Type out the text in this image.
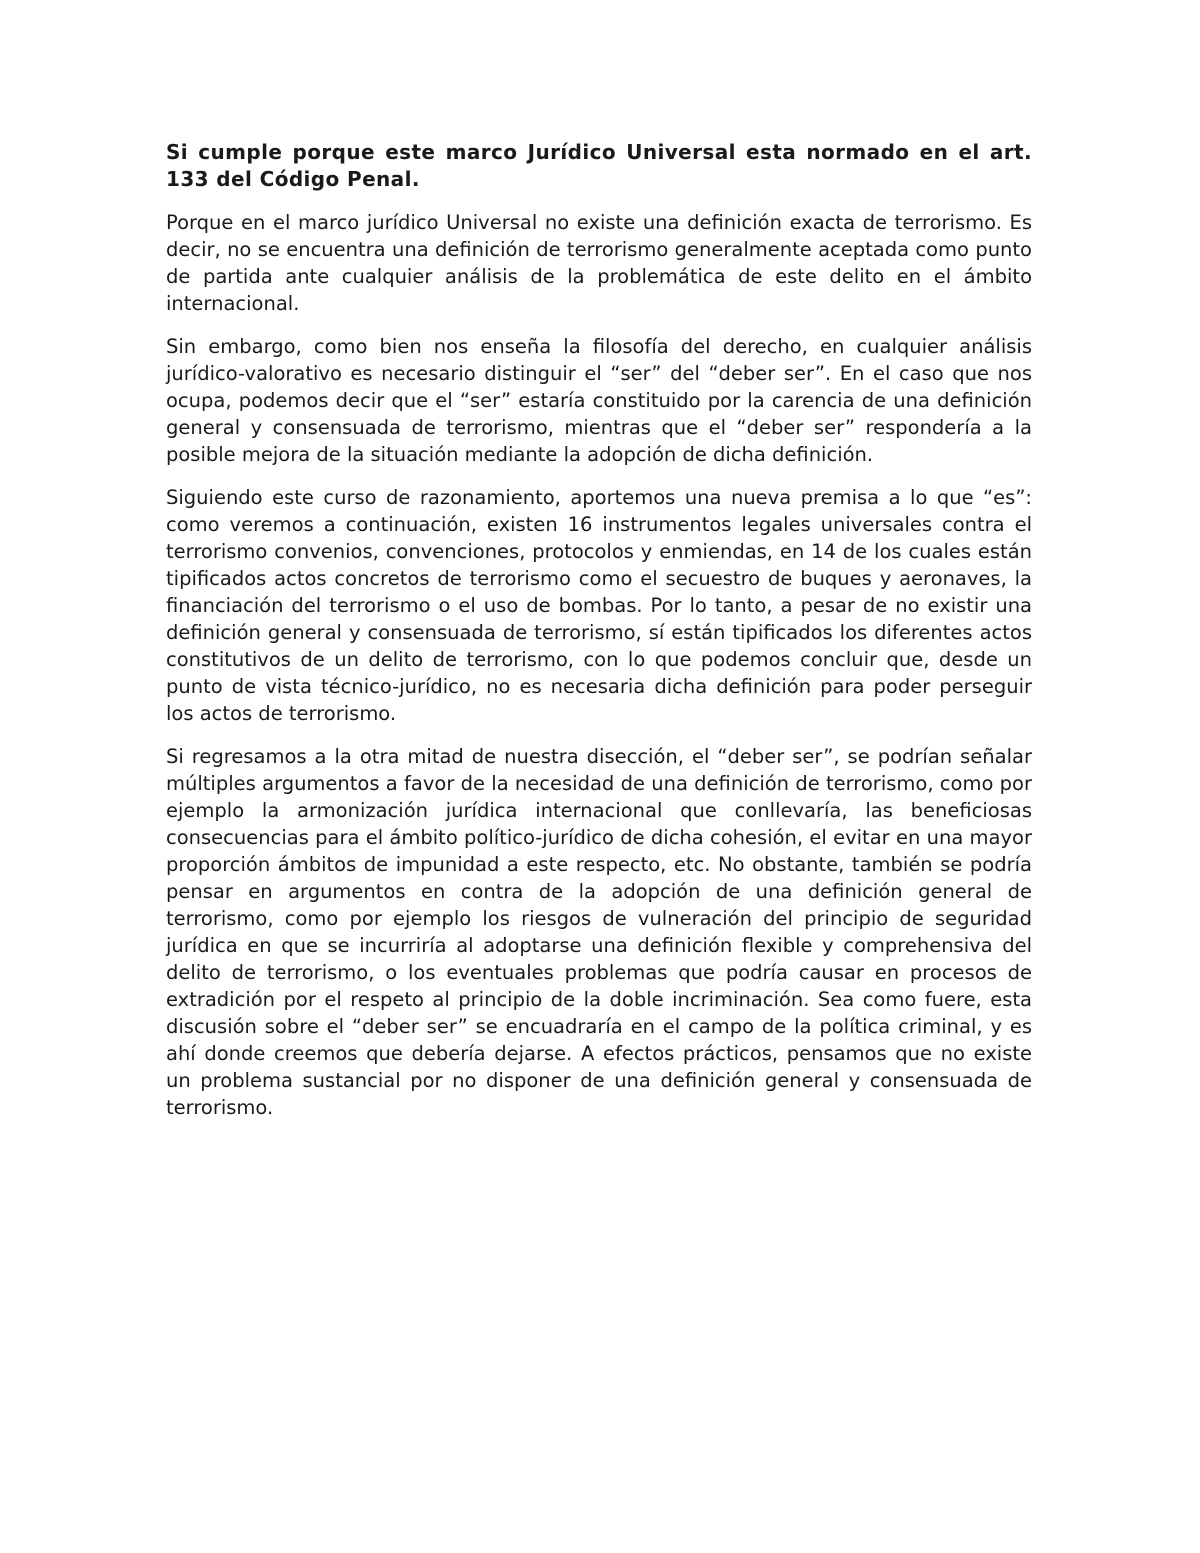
Si cumple porque este marco Jurídico Universal esta normado en el art. 133 del Código Penal.

Porque en el marco jurídico Universal no existe una definición exacta de terrorismo. Es decir, no se encuentra una definición de terrorismo generalmente aceptada como punto de partida ante cualquier análisis de la problemática de este delito en el ámbito internacional.

Sin embargo, como bien nos enseña la filosofía del derecho, en cualquier análisis jurídico-valorativo es necesario distinguir el “ser” del “deber ser”. En el caso que nos ocupa, podemos decir que el “ser” estaría constituido por la carencia de una definición general y consensuada de terrorismo, mientras que el “deber ser” respondería a la posible mejora de la situación mediante la adopción de dicha definición.

Siguiendo este curso de razonamiento, aportemos una nueva premisa a lo que “es”: como veremos a continuación, existen 16 instrumentos legales universales contra el terrorismo convenios, convenciones, protocolos y enmiendas, en 14 de los cuales están tipificados actos concretos de terrorismo como el secuestro de buques y aeronaves, la financiación del terrorismo o el uso de bombas. Por lo tanto, a pesar de no existir una definición general y consensuada de terrorismo, sí están tipificados los diferentes actos constitutivos de un delito de terrorismo, con lo que podemos concluir que, desde un punto de vista técnico-jurídico, no es necesaria dicha definición para poder perseguir los actos de terrorismo.

Si regresamos a la otra mitad de nuestra disección, el “deber ser”, se podrían señalar múltiples argumentos a favor de la necesidad de una definición de terrorismo, como por ejemplo la armonización jurídica internacional que conllevaría, las beneficiosas consecuencias para el ámbito político-jurídico de dicha cohesión, el evitar en una mayor proporción ámbitos de impunidad a este respecto, etc. No obstante, también se podría pensar en argumentos en contra de la adopción de una definición general de terrorismo, como por ejemplo los riesgos de vulneración del principio de seguridad jurídica en que se incurriría al adoptarse una definición flexible y comprehensiva del delito de terrorismo, o los eventuales problemas que podría causar en procesos de extradición por el respeto al principio de la doble incriminación. Sea como fuere, esta discusión sobre el “deber ser” se encuadraría en el campo de la política criminal, y es ahí donde creemos que debería dejarse. A efectos prácticos, pensamos que no existe un problema sustancial por no disponer de una definición general y consensuada de terrorismo.
